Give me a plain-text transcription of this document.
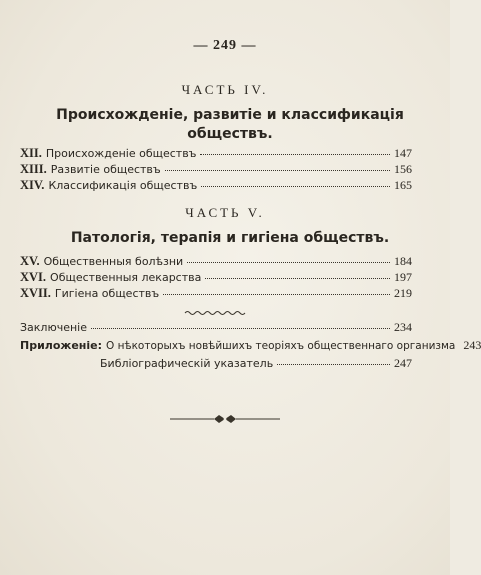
— 249 —
ЧАСТЬ IV.
Происхожденіе, развитіе и классификація
обществъ.
XII. Происхожденіе обществъ	147
XIII. Развитіе обществъ	156
XIV. Классификація обществъ	165
ЧАСТЬ V.
Патологія, терапія и гигіена обществъ.
XV. Общественныя болѣзни	184
XVI. Общественныя лекарства	197
XVII. Гигіена обществъ	219
Заключеніе	234
Приложеніе: О нѣкоторыхъ новѣйшихъ теоріяхъ общественнаго организма 243
Библіографическій указатель	247
